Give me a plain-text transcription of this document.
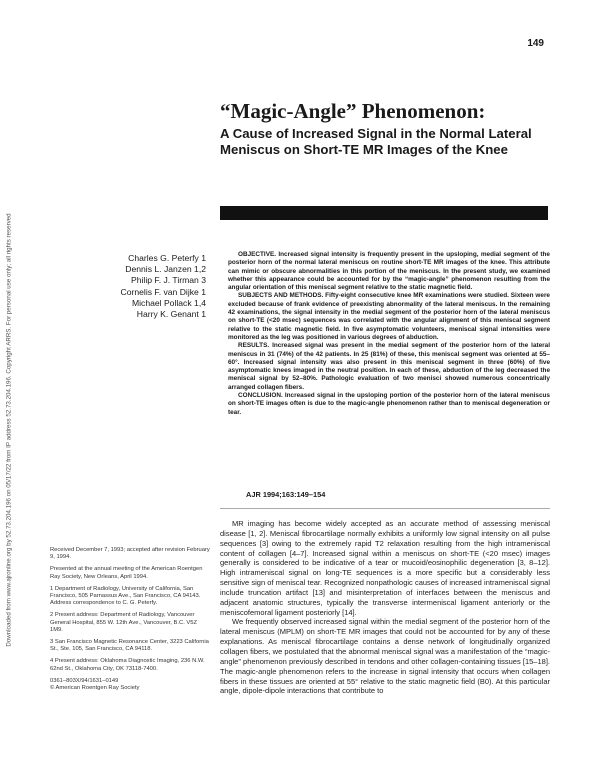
Downloaded from www.ajronline.org by 52.73.204.196 on 05/17/22 from IP address 52.73.204.196. Copyright ARRS. For personal use only; all rights reserved
149
“Magic-Angle” Phenomenon:
A Cause of Increased Signal in the Normal Lateral Meniscus on Short-TE MR Images of the Knee
Charles G. Peterfy 1
Dennis L. Janzen 1,2
Philip F. J. Tirman 3
Cornelis F. van Dijke 1
Michael Pollack 1,4
Harry K. Genant 1

OBJECTIVE. Increased signal intensity is frequently present in the upsloping, medial segment of the posterior horn of the normal lateral meniscus on routine short-TE MR images of the knee. This attribute can mimic or obscure abnormalities in this portion of the meniscus. In the present study, we examined whether this appearance could be accounted for by the “magic-angle” phenomenon resulting from the angular orientation of this meniscal segment relative to the static magnetic field.

SUBJECTS AND METHODS. Fifty-eight consecutive knee MR examinations were studied. Sixteen were excluded because of frank evidence of preexisting abnormality of the lateral meniscus. In the remaining 42 examinations, the signal intensity in the medial segment of the posterior horn of the lateral meniscus on short-TE (<20 msec) sequences was correlated with the angular alignment of this meniscal segment relative to the static magnetic field. In five asymptomatic volunteers, meniscal signal intensities were monitored as the leg was positioned in various degrees of abduction.

RESULTS. Increased signal was present in the medial segment of the posterior horn of the lateral meniscus in 31 (74%) of the 42 patients. In 25 (81%) of these, this meniscal segment was oriented at 55–60°. Increased signal intensity was also present in this meniscal segment in three (60%) of five asymptomatic knees imaged in the neutral position. In each of these, abduction of the leg decreased the meniscal signal by 52–80%. Pathologic evaluation of two menisci showed numerous concentrically arranged collagen fibers.

CONCLUSION. Increased signal in the upsloping portion of the posterior horn of the lateral meniscus on short-TE images often is due to the magic-angle phenomenon rather than to meniscal degeneration or tear.

AJR 1994;163:149–154

Received December 7, 1993; accepted after revision February 9, 1994.

Presented at the annual meeting of the American Roentgen Ray Society, New Orleans, April 1994.

1 Department of Radiology, University of California, San Francisco, 505 Parnassus Ave., San Francisco, CA 94143. Address correspondence to C. G. Peterfy.

2 Present address: Department of Radiology, Vancouver General Hospital, 855 W. 12th Ave., Vancouver, B.C. V5Z 1M9.

3 San Francisco Magnetic Resonance Center, 3223 California St., Ste. 105, San Francisco, CA 94118.

4 Present address: Oklahoma Diagnostic Imaging, 236 N.W. 62nd St., Oklahoma City, OK 73118-7400.

0361–803X/94/1631–0149

© American Roentgen Ray Society

MR imaging has become widely accepted as an accurate method of assessing meniscal disease [1, 2]. Meniscal fibrocartilage normally exhibits a uniformly low signal intensity on all pulse sequences [3] owing to the extremely rapid T2 relaxation resulting from the high intrameniscal content of collagen [4–7]. Increased signal within a meniscus on short-TE (<20 msec) images generally is considered to be indicative of a tear or mucoid/eosinophilic degeneration [3, 8–12]. High intrameniscal signal on long-TE sequences is a more specific but a considerably less sensitive sign of meniscal tear. Recognized nonpathologic causes of increased intrameniscal signal include truncation artifact [13] and misinterpretation of interfaces between the meniscus and adjacent anatomic structures, typically the transverse intermeniscal ligament anteriorly or the meniscofemoral ligament posteriorly [14].

We frequently observed increased signal within the medial segment of the posterior horn of the lateral meniscus (MPLM) on short-TE MR images that could not be accounted for by any of these explanations. As meniscal fibrocartilage contains a dense network of longitudinally organized collagen fibers, we postulated that the abnormal meniscal signal was a manifestation of the “magic-angle” phenomenon previously described in tendons and other collagen-containing tissues [15–18]. The magic-angle phenomenon refers to the increase in signal intensity that occurs when collagen fibers in these tissues are oriented at 55° relative to the static magnetic field (B0). At this particular angle, dipole-dipole interactions that contribute to
